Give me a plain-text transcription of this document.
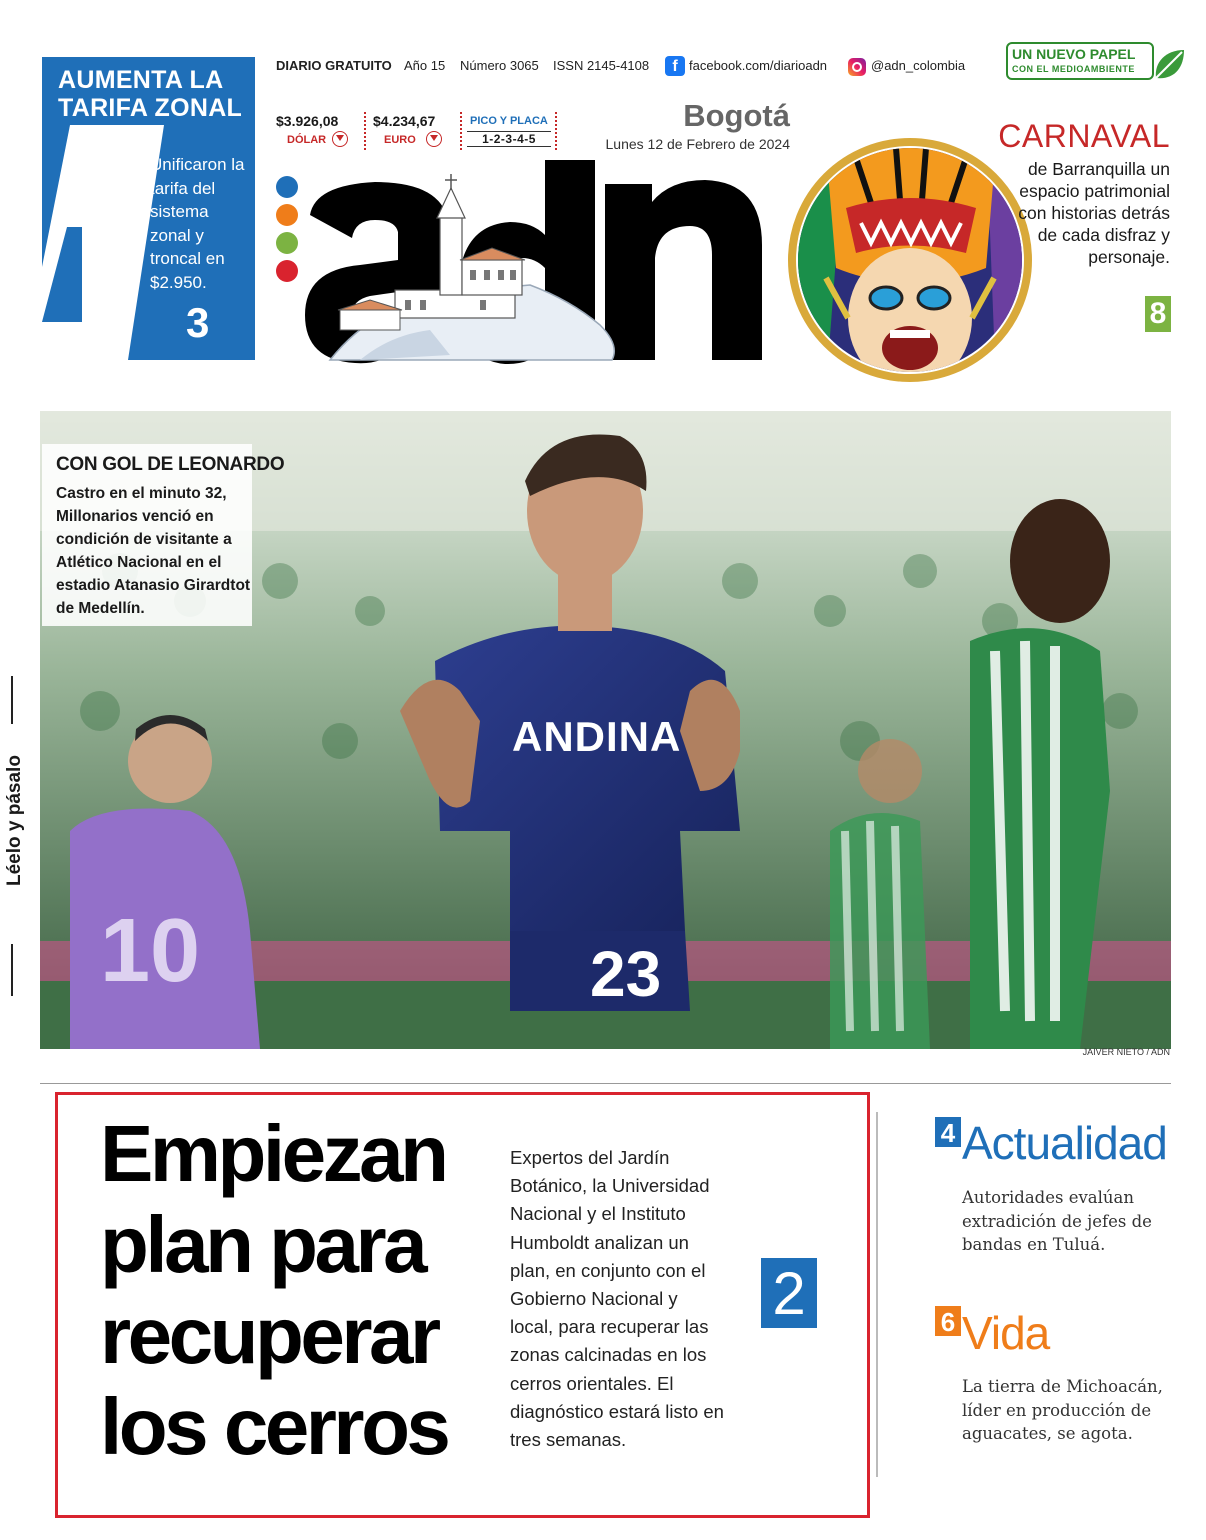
AUMENTA LA TARIFA ZONAL
Unificaron la tarifa del sistema zonal y troncal en $2.950.
3
DIARIO GRATUITO Año 15 Número 3065 ISSN 2145-4108	f facebook.com/diarioadn	@adn_colombia
UN NUEVO PAPEL
CON EL MEDIOAMBIENTE
$3.926,08
DÓLAR
$4.234,67
EURO
PICO Y PLACA
1-2-3-4-5
Bogotá
Lunes 12 de Febrero de 2024	CARNAVAL
de Barranquilla un espacio patrimonial con historias detrás de cada disfraz y personaje.
8
10
ANDINA
23
CON GOL DE LEONARDO
Castro en el minuto 32, Millonarios venció en condición de visitante a Atlético Nacional en el estadio Atanasio Girardtot de Medellín.
JAIVER NIETO / ADN
Léelo y pásalo
Empiezan plan para recuperar los cerros
Expertos del Jardín Botánico, la Universidad Nacional y el Instituto Humboldt analizan un plan, en conjunto con el Gobierno Nacional y local, para recuperar las zonas calcinadas en los cerros orientales. El diagnóstico estará listo en tres semanas.
2
4 Actualidad
Autoridades evalúan extradición de jefes de bandas en Tuluá.
6 Vida
La tierra de Michoacán, líder en producción de aguacates, se agota.
